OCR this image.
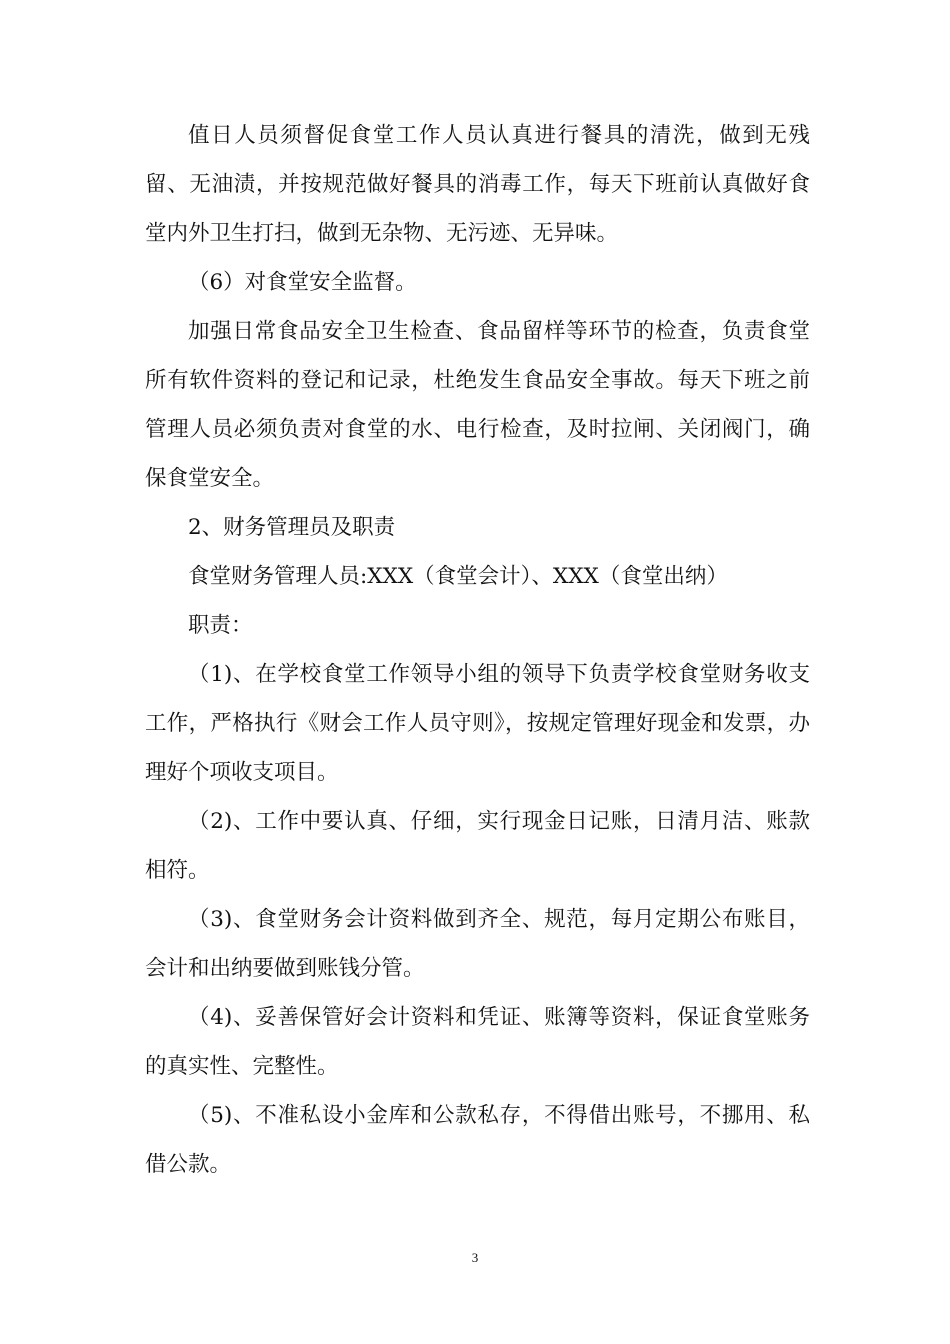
值日人员须督促食堂工作人员认真进行餐具的清洗，做到无残留、无油渍，并按规范做好餐具的消毒工作，每天下班前认真做好食堂内外卫生打扫，做到无杂物、无污迹、无异味。

（6）对食堂安全监督。

加强日常食品安全卫生检查、食品留样等环节的检查，负责食堂所有软件资料的登记和记录，杜绝发生食品安全事故。每天下班之前管理人员必须负责对食堂的水、电行检查，及时拉闸、关闭阀门，确保食堂安全。

2、财务管理员及职责

食堂财务管理人员:XXX（食堂会计）、XXX（食堂出纳）

职责：

（1)、在学校食堂工作领导小组的领导下负责学校食堂财务收支工作，严格执行《财会工作人员守则》，按规定管理好现金和发票，办理好个项收支项目。

（2)、工作中要认真、仔细，实行现金日记账，日清月洁、账款相符。

（3)、食堂财务会计资料做到齐全、规范，每月定期公布账目，会计和出纳要做到账钱分管。

（4)、妥善保管好会计资料和凭证、账簿等资料，保证食堂账务的真实性、完整性。

（5)、不准私设小金库和公款私存，不得借出账号，不挪用、私借公款。

3
